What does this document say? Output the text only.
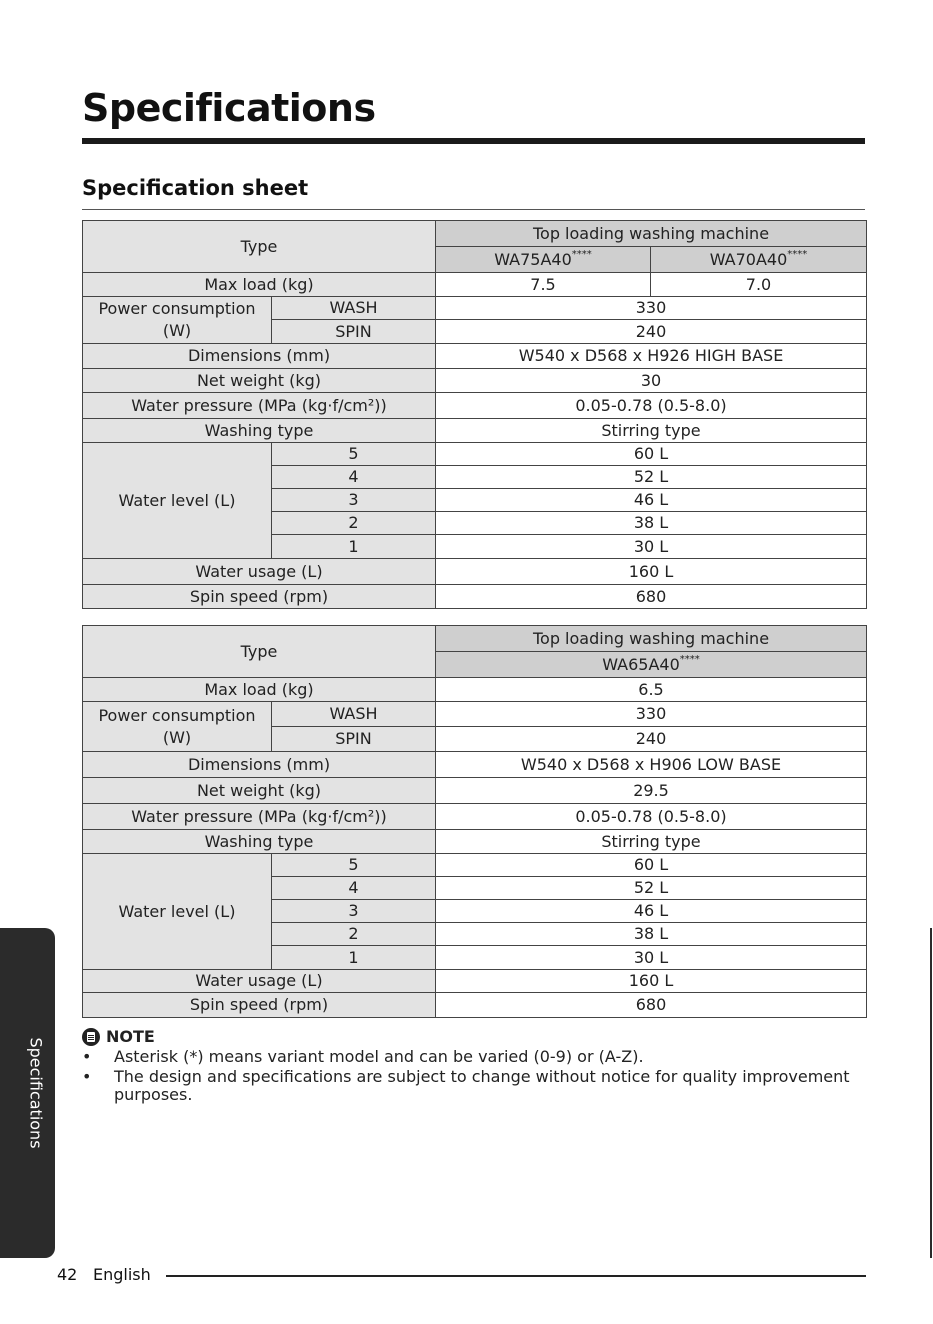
Specifications
Specification sheet
Type		Top loading washing machine	
		WA75A40****	WA70A40****
Max load (kg)		7.5	7.0
Power consumption (W)	WASH	330	
	SPIN	240	
Dimensions (mm)		W540 x D568 x H926 HIGH BASE	
Net weight (kg)		30	
Water pressure (MPa (kg·f/cm²))		0.05-0.78 (0.5-8.0)	
Washing type		Stirring type	
Water level (L)	5	60 L	
	4	52 L	
	3	46 L	
	2	38 L	
	1	30 L	
Water usage (L)		160 L	
Spin speed (rpm)		680	
Type		Top loading washing machine
		WA65A40****
Max load (kg)		6.5
Power consumption (W)	WASH	330
	SPIN	240
Dimensions (mm)		W540 x D568 x H906 LOW BASE
Net weight (kg)		29.5
Water pressure (MPa (kg·f/cm²))		0.05-0.78 (0.5-8.0)
Washing type		Stirring type
Water level (L)	5	60 L
	4	52 L
	3	46 L
	2	38 L
	1	30 L
Water usage (L)		160 L
Spin speed (rpm)		680
NOTE
• Asterisk (*) means variant model and can be varied (0-9) or (A-Z).
• The design and specifications are subject to change without notice for quality improvement purposes.
Specifications
42 English
